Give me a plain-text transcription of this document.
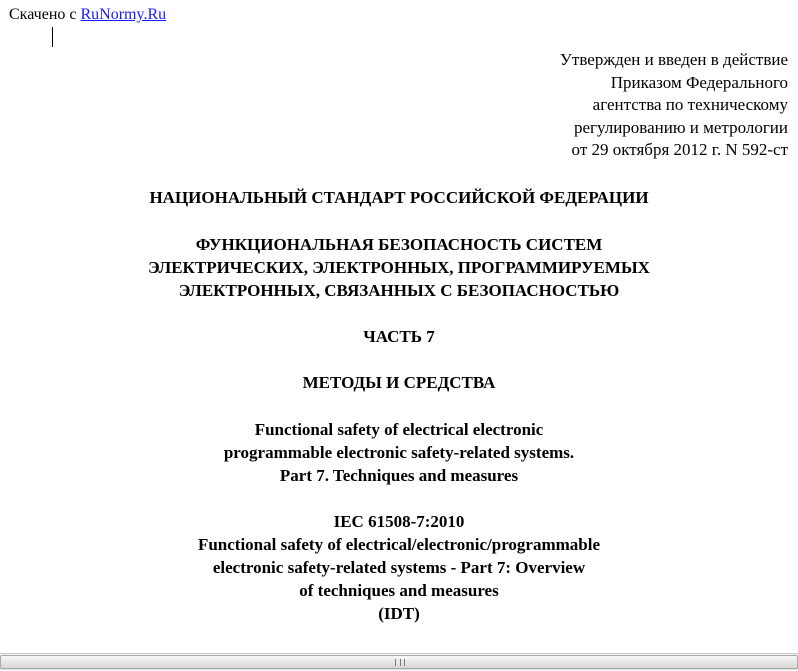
Скачено с RuNormy.Ru
Утвержден и введен в действие
Приказом Федерального
агентства по техническому
регулированию и метрологии
от 29 октября 2012 г. N 592-ст
НАЦИОНАЛЬНЫЙ СТАНДАРТ РОССИЙСКОЙ ФЕДЕРАЦИИ
ФУНКЦИОНАЛЬНАЯ БЕЗОПАСНОСТЬ СИСТЕМ
ЭЛЕКТРИЧЕСКИХ, ЭЛЕКТРОННЫХ, ПРОГРАММИРУЕМЫХ
ЭЛЕКТРОННЫХ, СВЯЗАННЫХ С БЕЗОПАСНОСТЬЮ
ЧАСТЬ 7
МЕТОДЫ И СРЕДСТВА
Functional safety of electrical electronic
programmable electronic safety-related systems.
Part 7. Techniques and measures
IEC 61508-7:2010
Functional safety of electrical/electronic/programmable
electronic safety-related systems - Part 7: Overview
of techniques and measures
(IDT)
